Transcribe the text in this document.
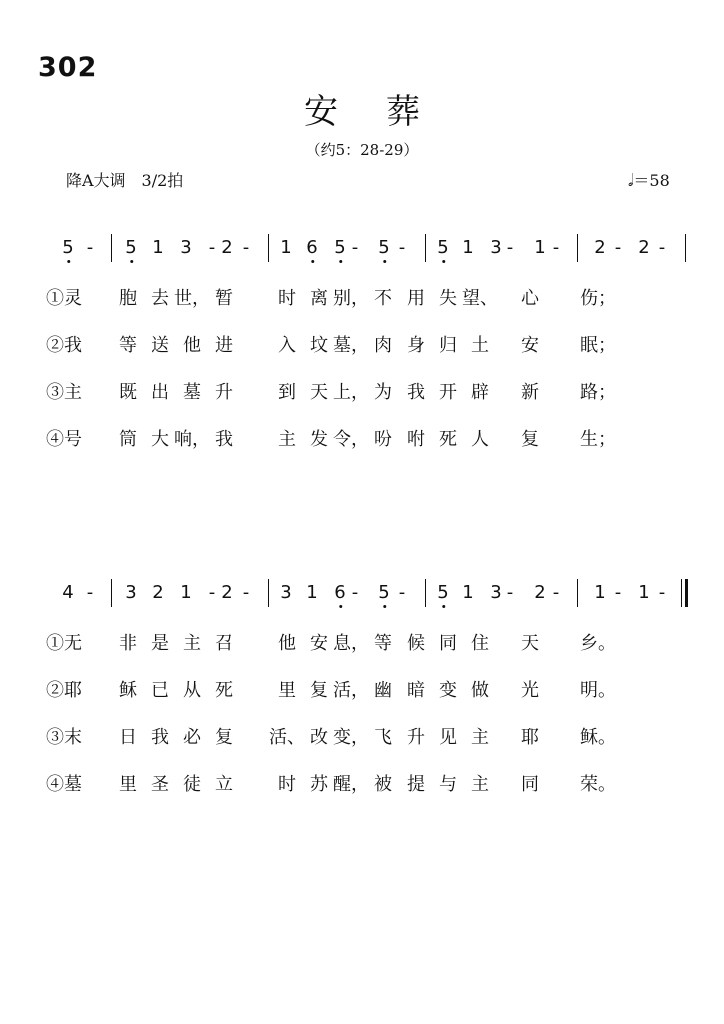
302
安葬
（约5：28-29）
降A大调　3/2拍	𝅗𝅥＝58
5 - 5 1 3 - 2 - 1 6 5 - 5 - 5 1 3 - 1 - 2 - 2 -
①灵 胞 去 世， 暂	时 离 别， 不 用 失 望、 心 伤；
②我 等 送 他 进	入 坟 墓， 肉 身 归 土 安 眠；
③主 既 出 墓 升	到 天 上， 为 我 开 辟 新 路；
④号 筒 大 响， 我	主 发 令， 吩 咐 死 人 复 生；
4 - 3 2 1 - 2 - 3 1 6 - 5 - 5 1 3 - 2 - 1 - 1 -
①无 非 是 主 召	他 安 息， 等 候 同 住 天 乡。
②耶 稣 已 从 死	里 复 活， 幽 暗 变 做 光 明。
③末 日 我 必 复 活、 改 变， 飞 升 见 主 耶 稣。
④墓 里 圣 徒 立	时 苏 醒， 被 提 与 主 同 荣。
